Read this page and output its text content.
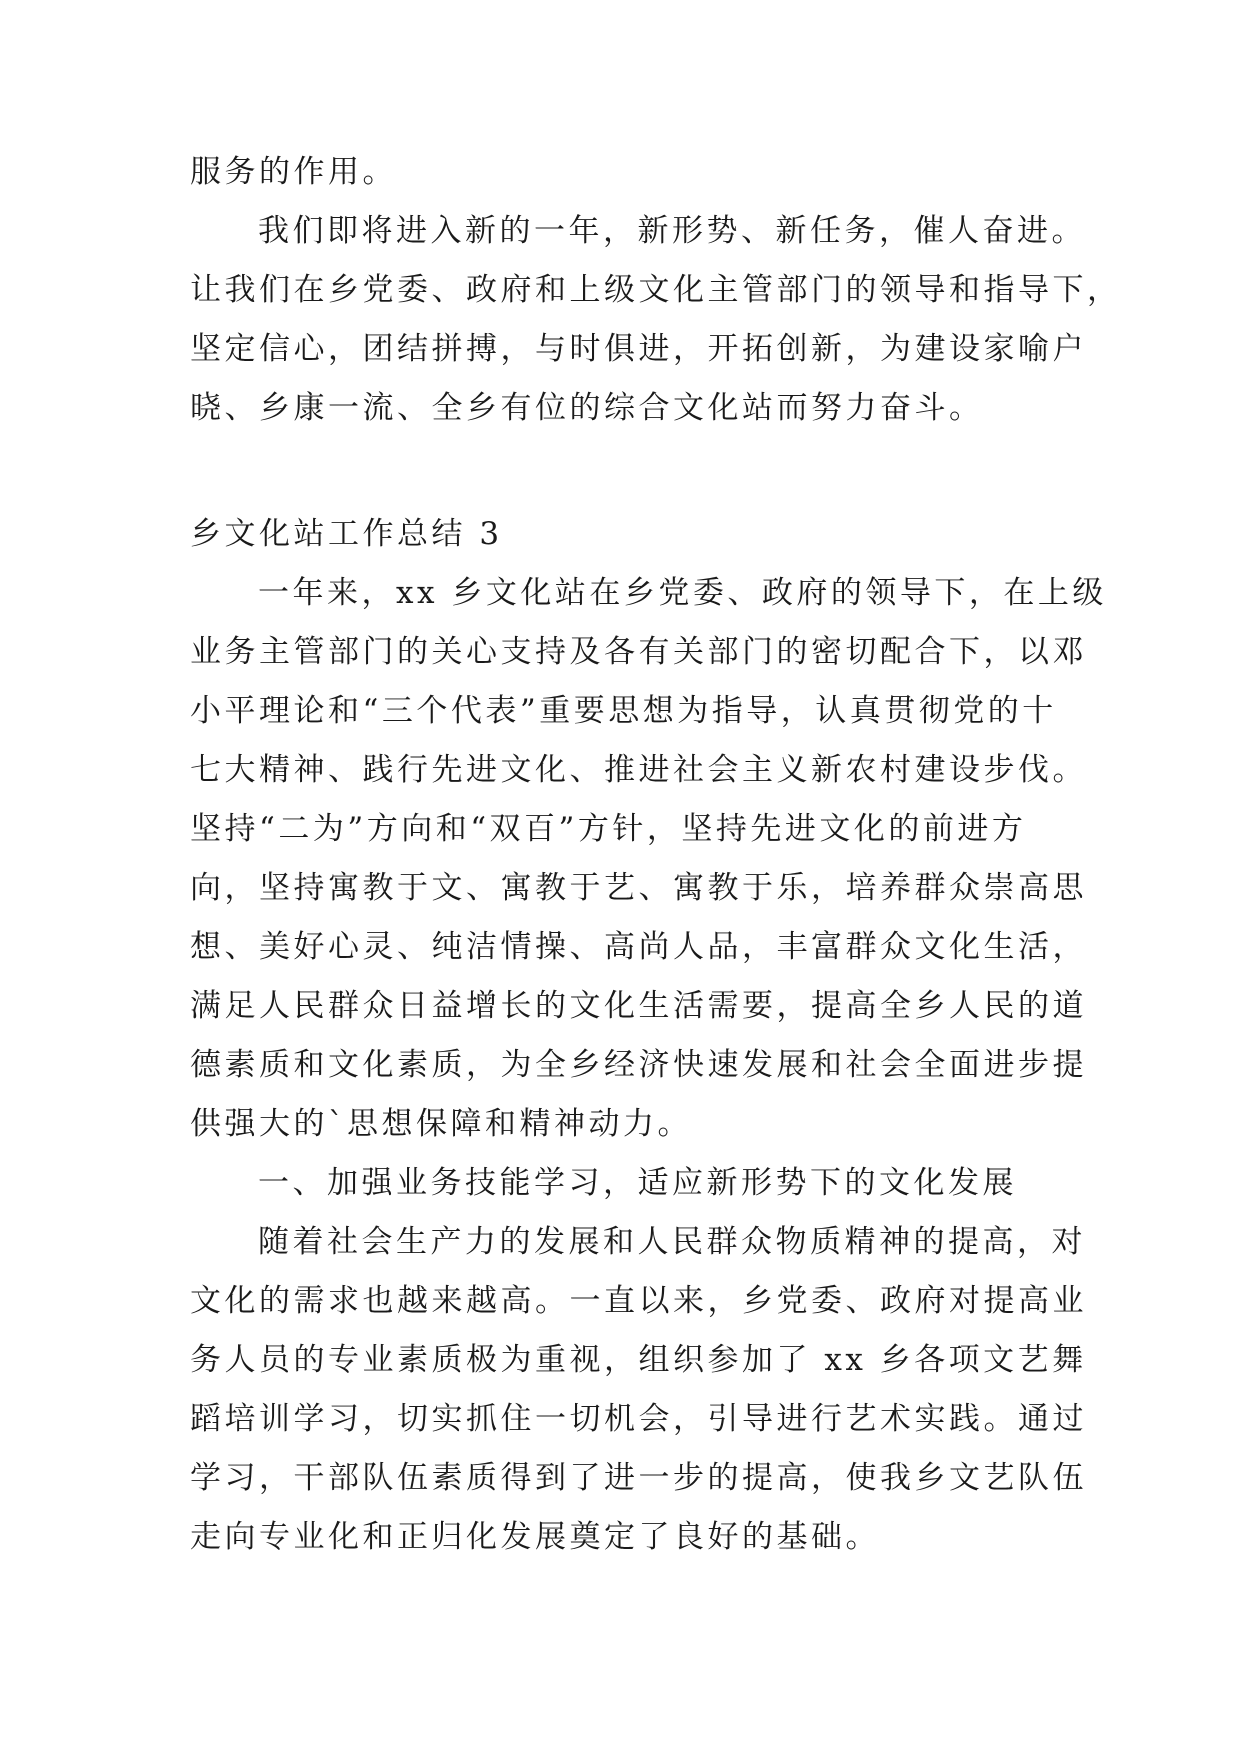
服务的作用。
我们即将进入新的一年，新形势、新任务，催人奋进。
让我们在乡党委、政府和上级文化主管部门的领导和指导下，
坚定信心，团结拼搏，与时俱进，开拓创新，为建设家喻户
晓、乡康一流、全乡有位的综合文化站而努力奋斗。
乡文化站工作总结 3
一年来，xx 乡文化站在乡党委、政府的领导下，在上级
业务主管部门的关心支持及各有关部门的密切配合下，以邓
小平理论和“三个代表”重要思想为指导，认真贯彻党的十
七大精神、践行先进文化、推进社会主义新农村建设步伐。
坚持“二为”方向和“双百”方针，坚持先进文化的前进方
向，坚持寓教于文、寓教于艺、寓教于乐，培养群众崇高思
想、美好心灵、纯洁情操、高尚人品，丰富群众文化生活，
满足人民群众日益增长的文化生活需要，提高全乡人民的道
德素质和文化素质，为全乡经济快速发展和社会全面进步提
供强大的`思想保障和精神动力。
一、加强业务技能学习，适应新形势下的文化发展
随着社会生产力的发展和人民群众物质精神的提高，对
文化的需求也越来越高。一直以来，乡党委、政府对提高业
务人员的专业素质极为重视，组织参加了 xx 乡各项文艺舞
蹈培训学习，切实抓住一切机会，引导进行艺术实践。通过
学习，干部队伍素质得到了进一步的提高，使我乡文艺队伍
走向专业化和正归化发展奠定了良好的基础。
